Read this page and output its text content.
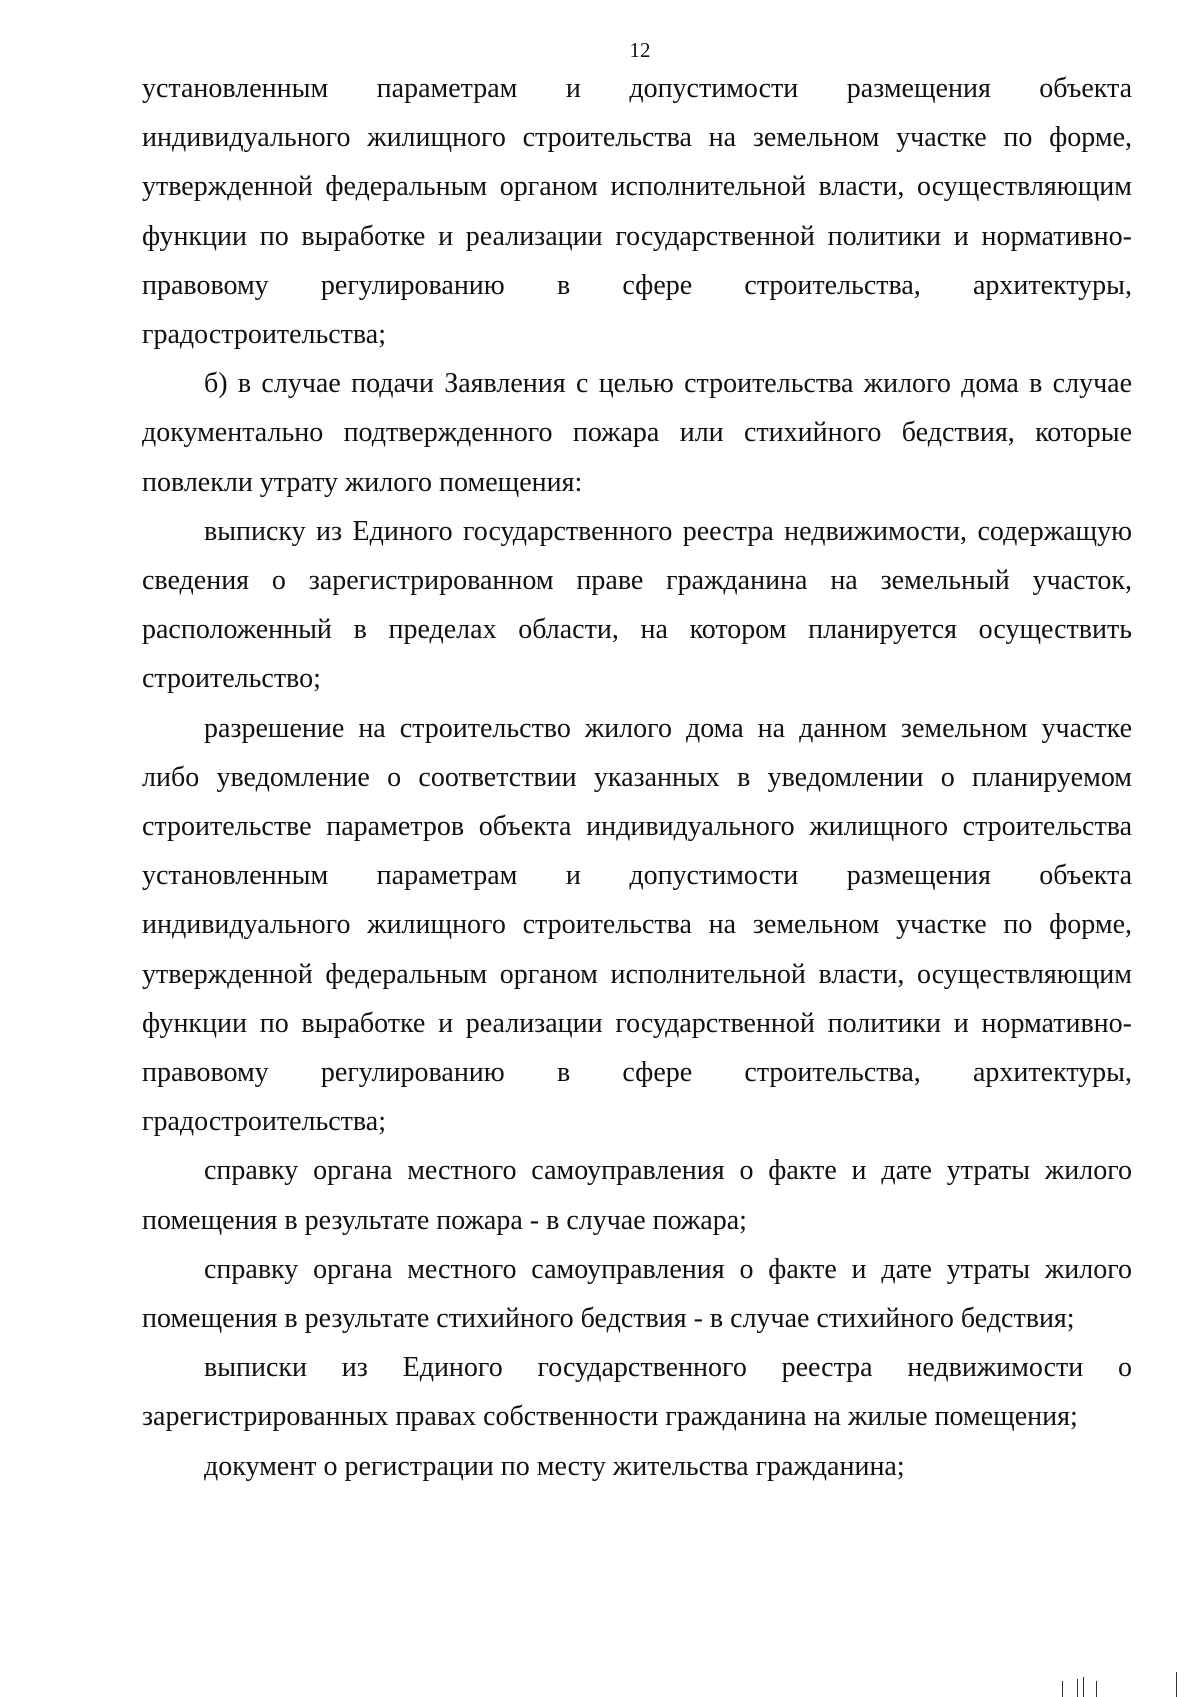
12

установленным параметрам и допустимости размещения объекта индивидуального жилищного строительства на земельном участке по форме, утвержденной федеральным органом исполнительной власти, осуществляющим функции по выработке и реализации государственной политики и нормативно-правовому регулированию в сфере строительства, архитектуры, градостроительства;

б) в случае подачи Заявления с целью строительства жилого дома в случае документально подтвержденного пожара или стихийного бедствия, которые повлекли утрату жилого помещения:

выписку из Единого государственного реестра недвижимости, содержащую сведения о зарегистрированном праве гражданина на земельный участок, расположенный в пределах области, на котором планируется осуществить строительство;

разрешение на строительство жилого дома на данном земельном участке либо уведомление о соответствии указанных в уведомлении о планируемом строительстве параметров объекта индивидуального жилищного строительства установленным параметрам и допустимости размещения объекта индивидуального жилищного строительства на земельном участке по форме, утвержденной федеральным органом исполнительной власти, осуществляющим функции по выработке и реализации государственной политики и нормативно-правовому регулированию в сфере строительства, архитектуры, градостроительства;

справку органа местного самоуправления о факте и дате утраты жилого помещения в результате пожара - в случае пожара;

справку органа местного самоуправления о факте и дате утраты жилого помещения в результате стихийного бедствия - в случае стихийного бедствия;

выписки из Единого государственного реестра недвижимости о зарегистрированных правах собственности гражданина на жилые помещения;

документ о регистрации по месту жительства гражданина;
